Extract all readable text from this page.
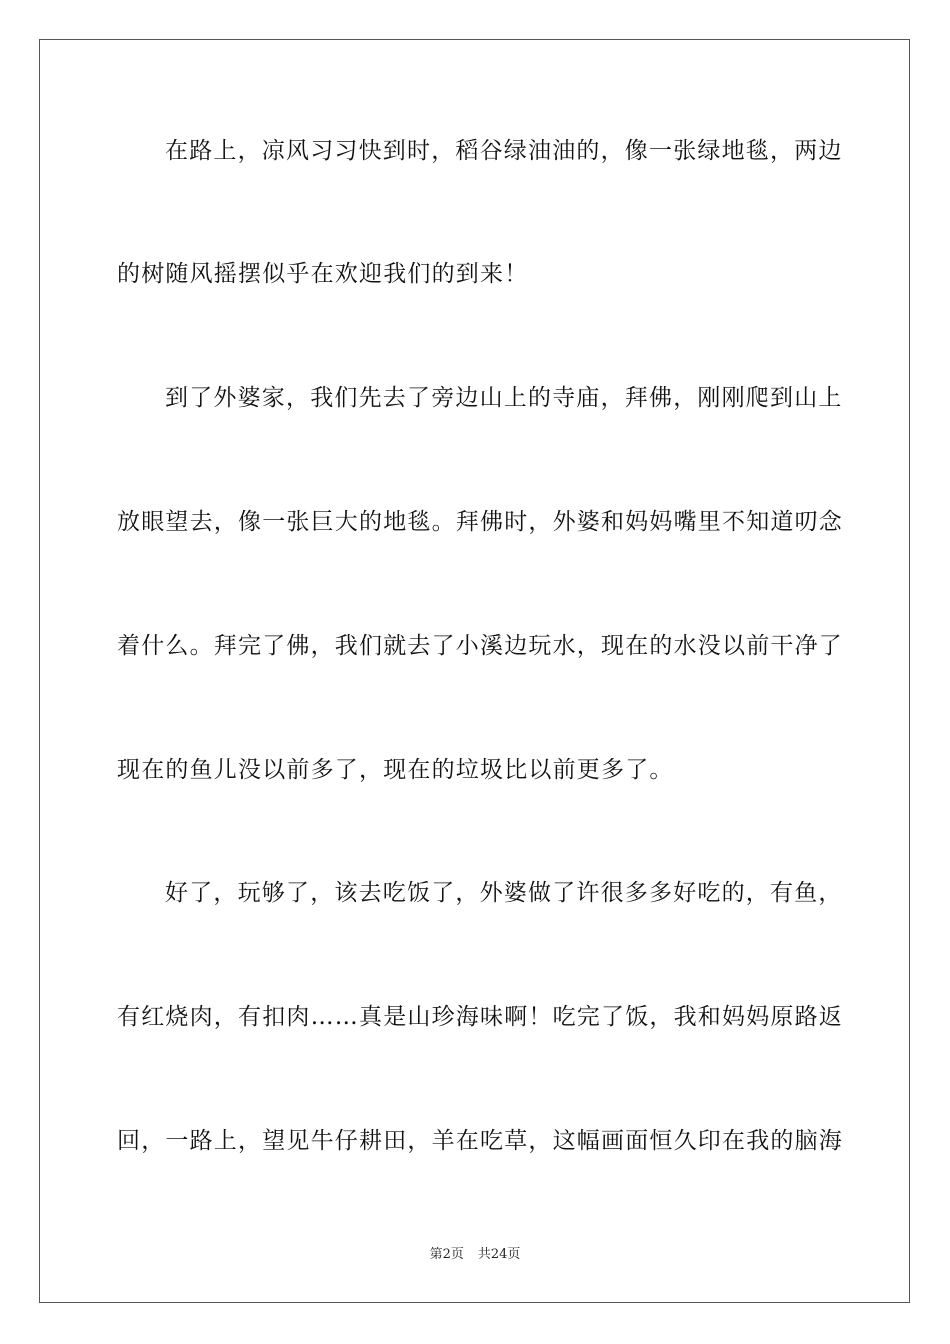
在路上，凉风习习快到时，稻谷绿油油的，像一张绿地毯，两边
的树随风摇摆似乎在欢迎我们的到来！
到了外婆家，我们先去了旁边山上的寺庙，拜佛，刚刚爬到山上
放眼望去，像一张巨大的地毯。拜佛时，外婆和妈妈嘴里不知道叨念
着什么。拜完了佛，我们就去了小溪边玩水，现在的水没以前干净了
现在的鱼儿没以前多了，现在的垃圾比以前更多了。
好了，玩够了，该去吃饭了，外婆做了许很多多好吃的，有鱼，
有红烧肉，有扣肉……真是山珍海味啊！吃完了饭，我和妈妈原路返
回，一路上，望见牛仔耕田，羊在吃草，这幅画面恒久印在我的脑海
第2页 共24页
